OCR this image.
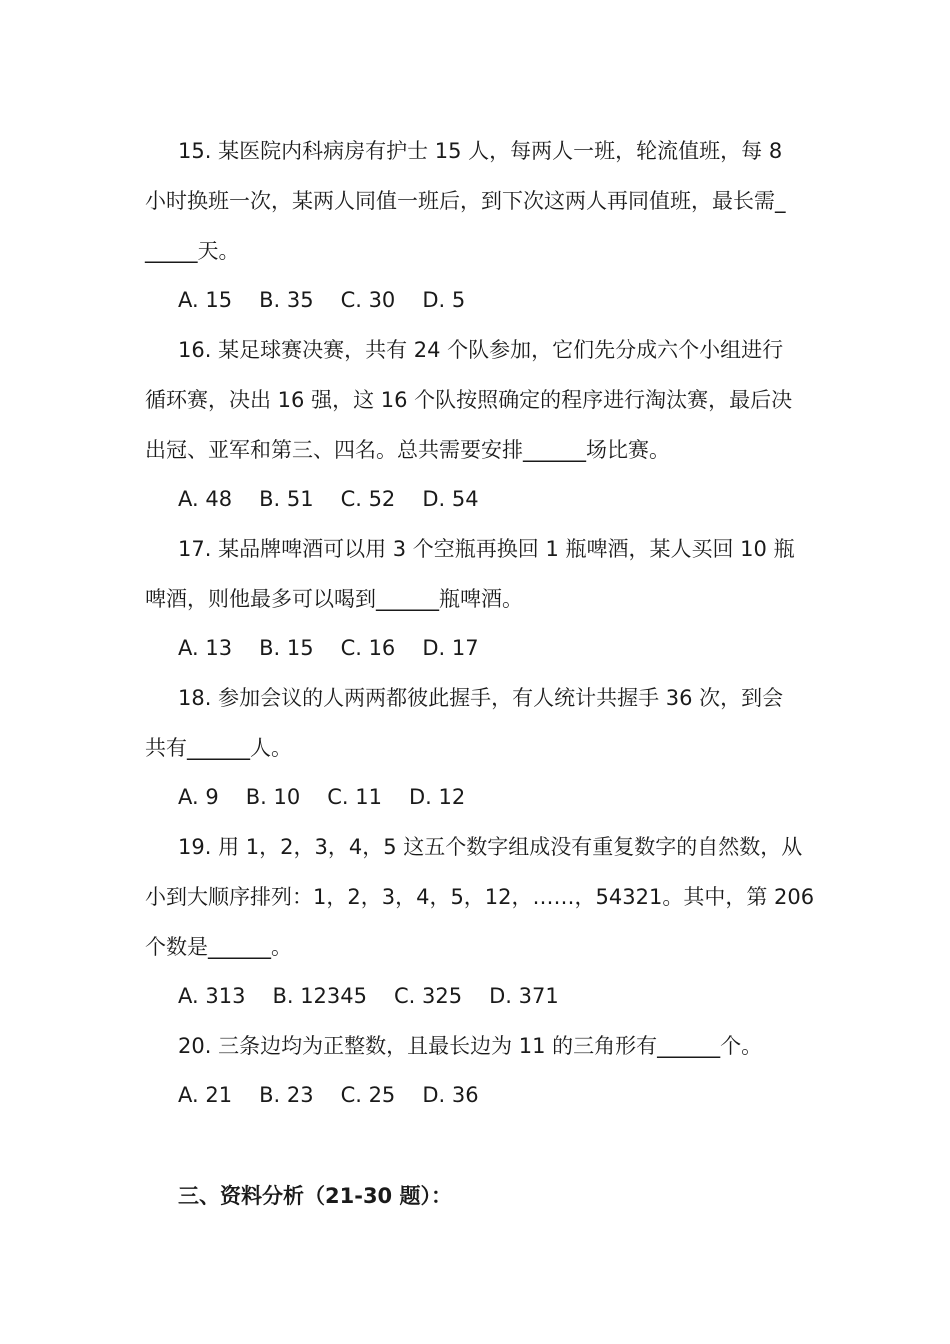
15. 某医院内科病房有护士 15 人，每两人一班，轮流值班，每 8
小时换班一次，某两人同值一班后，到下次这两人再同值班，最长需_
_____天。
A. 15 B. 35 C. 30 D. 5
16. 某足球赛决赛，共有 24 个队参加，它们先分成六个小组进行
循环赛，决出 16 强，这 16 个队按照确定的程序进行淘汰赛，最后决
出冠、亚军和第三、四名。总共需要安排______场比赛。
A. 48 B. 51 C. 52 D. 54
17. 某品牌啤酒可以用 3 个空瓶再换回 1 瓶啤酒，某人买回 10 瓶
啤酒，则他最多可以喝到______瓶啤酒。
A. 13 B. 15 C. 16 D. 17
18. 参加会议的人两两都彼此握手，有人统计共握手 36 次，到会
共有______人。
A. 9 B. 10 C. 11 D. 12
19. 用 1，2，3，4，5 这五个数字组成没有重复数字的自然数，从
小到大顺序排列：1，2，3，4，5，12，……，54321。其中，第 206
个数是______。
A. 313 B. 12345 C. 325 D. 371
20. 三条边均为正整数，且最长边为 11 的三角形有______个。
A. 21 B. 23 C. 25 D. 36
三、资料分析（21-30 题）：
